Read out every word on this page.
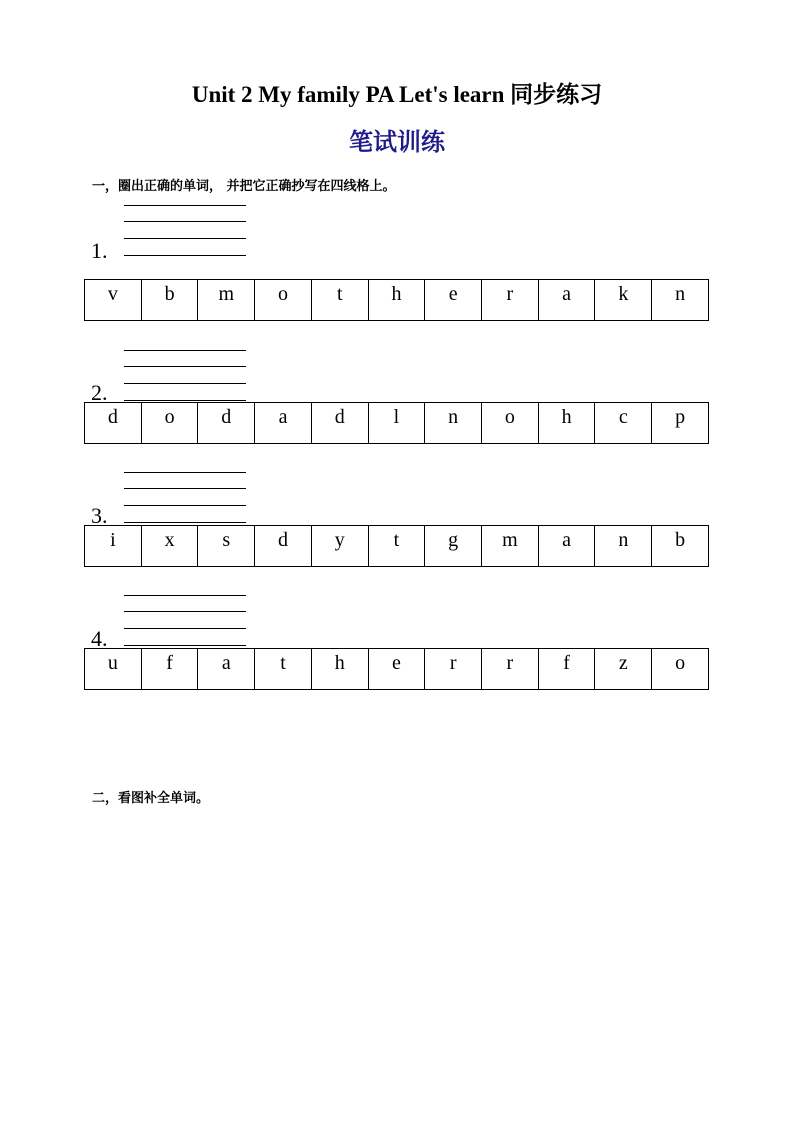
Unit 2 My family PA Let's learn 同步练习
笔试训练
一，圈出正确的单词， 并把它正确抄写在四线格上。
1.
v	b	m	o	t	h	e	r	a	k	n
2.
d	o	d	a	d	l	n	o	h	c	p
3.
i	x	s	d	y	t	g	m	a	n	b
4.
u	f	a	t	h	e	r	r	f	z	o
二，看图补全单词。
